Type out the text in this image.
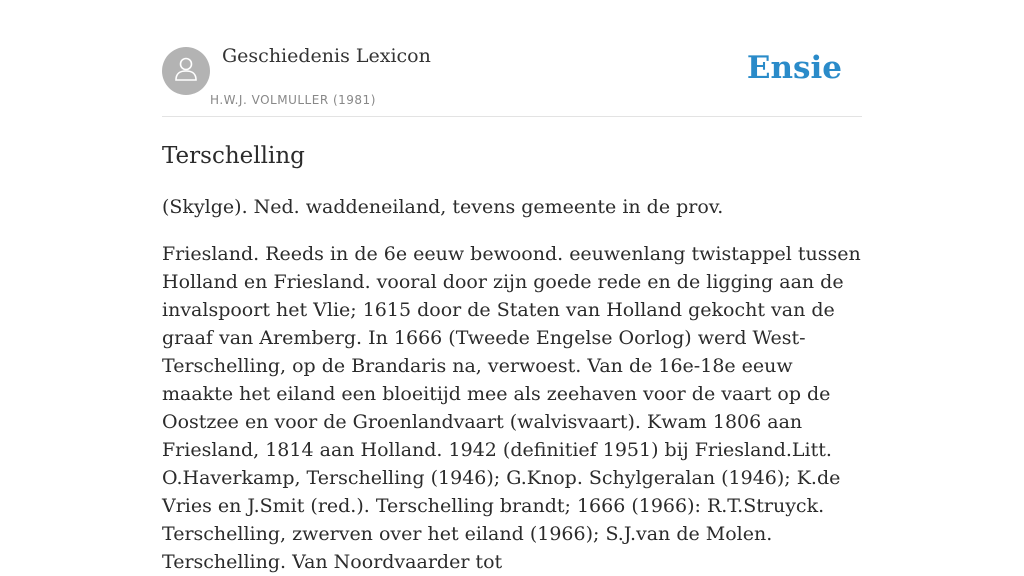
Geschiedenis Lexicon
H.W.J. VOLMULLER (1981)
Ensie
Terschelling

(Skylge). Ned. waddeneiland, tevens gemeente in de prov.

Friesland. Reeds in de 6e eeuw bewoond. eeuwenlang twistappel tussen Holland en Friesland. vooral door zijn goede rede en de ligging aan de invalspoort het Vlie; 1615 door de Staten van Holland gekocht van de graaf van Aremberg. In 1666 (Tweede Engelse Oorlog) werd West-Terschelling, op de Brandaris na, verwoest. Van de 16e-18e eeuw maakte het eiland een bloeitijd mee als zeehaven voor de vaart op de Oostzee en voor de Groenlandvaart (walvisvaart). Kwam 1806 aan Friesland, 1814 aan Holland. 1942 (definitief 1951) bij Friesland.Litt. O.Haverkamp, Terschelling (1946); G.Knop. Schylgeralan (1946); K.de Vries en J.Smit (red.). Terschelling brandt; 1666 (1966): R.T.Struyck. Terschelling, zwerven over het eiland (1966); S.J.van de Molen. Terschelling. Van Noordvaarder tot
